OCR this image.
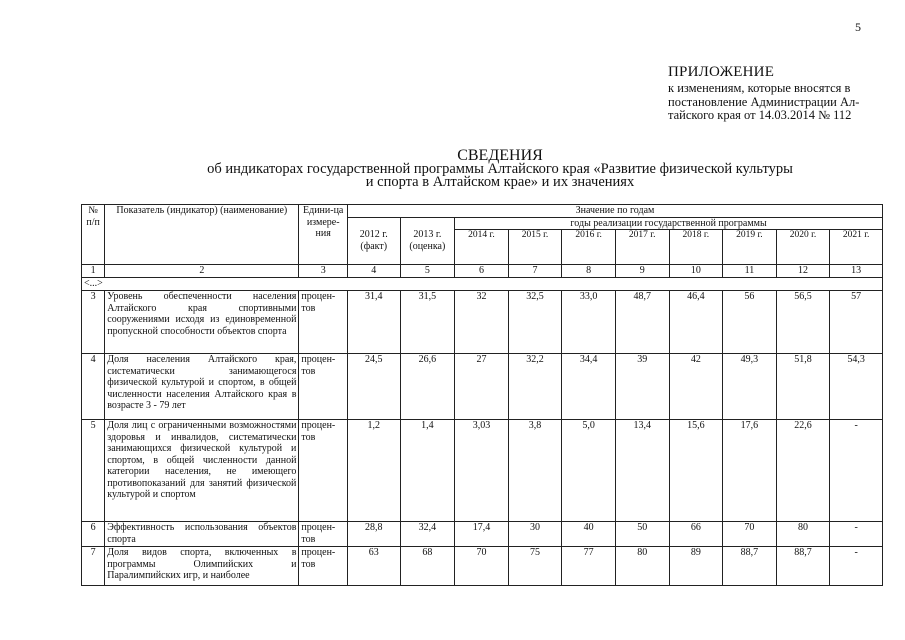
5
ПРИЛОЖЕНИЕ
к изменениям, которые вносятся в
постановление Администрации Ал-
тайского края от 14.03.2014 № 112
СВЕДЕНИЯ
об индикаторах государственной программы Алтайского края «Развитие физической культуры
и спорта в Алтайском крае» и их значениях
№ п/п	Показатель (индикатор) (наименование)	Едини-ца измере-ния	Значение по годам									
			2012 г. (факт)	2013 г. (оценка)	годы реализации государственной программы							
					2014 г.	2015 г.	2016 г.	2017 г.	2018 г.	2019 г.	2020 г.	2021 г.
1	2	3	4	5	6	7	8	9	10	11	12	13
<...>												
3	Уровень обеспеченности населения Алтайского края спортивными сооружениями исходя из единовременной пропускной способности объектов спорта	процен-тов	31,4	31,5	32	32,5	33,0	48,7	46,4	56	56,5	57
4	Доля населения Алтайского края, систематически занимающегося физической культурой и спортом, в общей численности населения Алтайского края в возрасте 3 - 79 лет	процен-тов	24,5	26,6	27	32,2	34,4	39	42	49,3	51,8	54,3
5	Доля лиц с ограниченными возможностями здоровья и инвалидов, систематически занимающихся физической культурой и спортом, в общей численности данной категории населения, не имеющего противопоказаний для занятий физической культурой и спортом	процен-тов	1,2	1,4	3,03	3,8	5,0	13,4	15,6	17,6	22,6	-
6	Эффективность использования объектов спорта	процен-тов	28,8	32,4	17,4	30	40	50	66	70	80	-
7	Доля видов спорта, включенных в программы Олимпийских и Паралимпийских игр, и наиболее	процен-тов	63	68	70	75	77	80	89	88,7	88,7	-
